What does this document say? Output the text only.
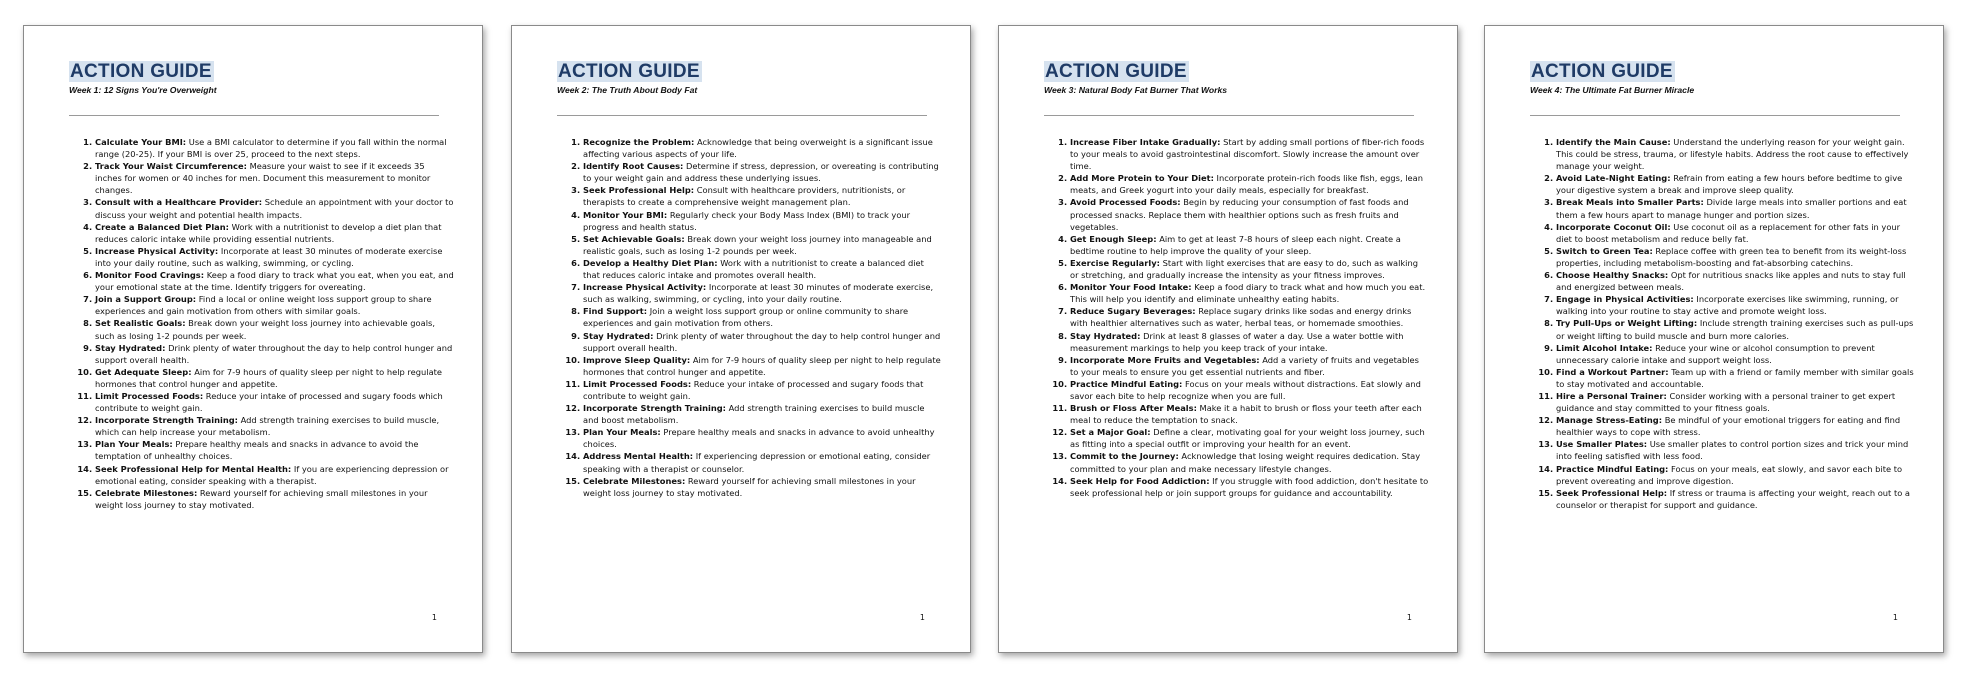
ACTION GUIDE
Week 1: 12 Signs You're Overweight
1. Calculate Your BMI: Use a BMI calculator to determine if you fall within the normal range (20-25). If your BMI is over 25, proceed to the next steps.
2. Track Your Waist Circumference: Measure your waist to see if it exceeds 35 inches for women or 40 inches for men. Document this measurement to monitor changes.
3. Consult with a Healthcare Provider: Schedule an appointment with your doctor to discuss your weight and potential health impacts.
4. Create a Balanced Diet Plan: Work with a nutritionist to develop a diet plan that reduces caloric intake while providing essential nutrients.
5. Increase Physical Activity: Incorporate at least 30 minutes of moderate exercise into your daily routine, such as walking, swimming, or cycling.
6. Monitor Food Cravings: Keep a food diary to track what you eat, when you eat, and your emotional state at the time. Identify triggers for overeating.
7. Join a Support Group: Find a local or online weight loss support group to share experiences and gain motivation from others with similar goals.
8. Set Realistic Goals: Break down your weight loss journey into achievable goals, such as losing 1-2 pounds per week.
9. Stay Hydrated: Drink plenty of water throughout the day to help control hunger and support overall health.
10. Get Adequate Sleep: Aim for 7-9 hours of quality sleep per night to help regulate hormones that control hunger and appetite.
11. Limit Processed Foods: Reduce your intake of processed and sugary foods which contribute to weight gain.
12. Incorporate Strength Training: Add strength training exercises to build muscle, which can help increase your metabolism.
13. Plan Your Meals: Prepare healthy meals and snacks in advance to avoid the temptation of unhealthy choices.
14. Seek Professional Help for Mental Health: If you are experiencing depression or emotional eating, consider speaking with a therapist.
15. Celebrate Milestones: Reward yourself for achieving small milestones in your weight loss journey to stay motivated.
1
ACTION GUIDE
Week 2: The Truth About Body Fat
1. Recognize the Problem: Acknowledge that being overweight is a significant issue affecting various aspects of your life.
2. Identify Root Causes: Determine if stress, depression, or overeating is contributing to your weight gain and address these underlying issues.
3. Seek Professional Help: Consult with healthcare providers, nutritionists, or therapists to create a comprehensive weight management plan.
4. Monitor Your BMI: Regularly check your Body Mass Index (BMI) to track your progress and health status.
5. Set Achievable Goals: Break down your weight loss journey into manageable and realistic goals, such as losing 1-2 pounds per week.
6. Develop a Healthy Diet Plan: Work with a nutritionist to create a balanced diet that reduces caloric intake and promotes overall health.
7. Increase Physical Activity: Incorporate at least 30 minutes of moderate exercise, such as walking, swimming, or cycling, into your daily routine.
8. Find Support: Join a weight loss support group or online community to share experiences and gain motivation from others.
9. Stay Hydrated: Drink plenty of water throughout the day to help control hunger and support overall health.
10. Improve Sleep Quality: Aim for 7-9 hours of quality sleep per night to help regulate hormones that control hunger and appetite.
11. Limit Processed Foods: Reduce your intake of processed and sugary foods that contribute to weight gain.
12. Incorporate Strength Training: Add strength training exercises to build muscle and boost metabolism.
13. Plan Your Meals: Prepare healthy meals and snacks in advance to avoid unhealthy choices.
14. Address Mental Health: If experiencing depression or emotional eating, consider speaking with a therapist or counselor.
15. Celebrate Milestones: Reward yourself for achieving small milestones in your weight loss journey to stay motivated.
1
ACTION GUIDE
Week 3: Natural Body Fat Burner That Works
1. Increase Fiber Intake Gradually: Start by adding small portions of fiber-rich foods to your meals to avoid gastrointestinal discomfort. Slowly increase the amount over time.
2. Add More Protein to Your Diet: Incorporate protein-rich foods like fish, eggs, lean meats, and Greek yogurt into your daily meals, especially for breakfast.
3. Avoid Processed Foods: Begin by reducing your consumption of fast foods and processed snacks. Replace them with healthier options such as fresh fruits and vegetables.
4. Get Enough Sleep: Aim to get at least 7-8 hours of sleep each night. Create a bedtime routine to help improve the quality of your sleep.
5. Exercise Regularly: Start with light exercises that are easy to do, such as walking or stretching, and gradually increase the intensity as your fitness improves.
6. Monitor Your Food Intake: Keep a food diary to track what and how much you eat. This will help you identify and eliminate unhealthy eating habits.
7. Reduce Sugary Beverages: Replace sugary drinks like sodas and energy drinks with healthier alternatives such as water, herbal teas, or homemade smoothies.
8. Stay Hydrated: Drink at least 8 glasses of water a day. Use a water bottle with measurement markings to help you keep track of your intake.
9. Incorporate More Fruits and Vegetables: Add a variety of fruits and vegetables to your meals to ensure you get essential nutrients and fiber.
10. Practice Mindful Eating: Focus on your meals without distractions. Eat slowly and savor each bite to help recognize when you are full.
11. Brush or Floss After Meals: Make it a habit to brush or floss your teeth after each meal to reduce the temptation to snack.
12. Set a Major Goal: Define a clear, motivating goal for your weight loss journey, such as fitting into a special outfit or improving your health for an event.
13. Commit to the Journey: Acknowledge that losing weight requires dedication. Stay committed to your plan and make necessary lifestyle changes.
14. Seek Help for Food Addiction: If you struggle with food addiction, don't hesitate to seek professional help or join support groups for guidance and accountability.
1
ACTION GUIDE
Week 4: The Ultimate Fat Burner Miracle
1. Identify the Main Cause: Understand the underlying reason for your weight gain. This could be stress, trauma, or lifestyle habits. Address the root cause to effectively manage your weight.
2. Avoid Late-Night Eating: Refrain from eating a few hours before bedtime to give your digestive system a break and improve sleep quality.
3. Break Meals into Smaller Parts: Divide large meals into smaller portions and eat them a few hours apart to manage hunger and portion sizes.
4. Incorporate Coconut Oil: Use coconut oil as a replacement for other fats in your diet to boost metabolism and reduce belly fat.
5. Switch to Green Tea: Replace coffee with green tea to benefit from its weight-loss properties, including metabolism-boosting and fat-absorbing catechins.
6. Choose Healthy Snacks: Opt for nutritious snacks like apples and nuts to stay full and energized between meals.
7. Engage in Physical Activities: Incorporate exercises like swimming, running, or walking into your routine to stay active and promote weight loss.
8. Try Pull-Ups or Weight Lifting: Include strength training exercises such as pull-ups or weight lifting to build muscle and burn more calories.
9. Limit Alcohol Intake: Reduce your wine or alcohol consumption to prevent unnecessary calorie intake and support weight loss.
10. Find a Workout Partner: Team up with a friend or family member with similar goals to stay motivated and accountable.
11. Hire a Personal Trainer: Consider working with a personal trainer to get expert guidance and stay committed to your fitness goals.
12. Manage Stress-Eating: Be mindful of your emotional triggers for eating and find healthier ways to cope with stress.
13. Use Smaller Plates: Use smaller plates to control portion sizes and trick your mind into feeling satisfied with less food.
14. Practice Mindful Eating: Focus on your meals, eat slowly, and savor each bite to prevent overeating and improve digestion.
15. Seek Professional Help: If stress or trauma is affecting your weight, reach out to a counselor or therapist for support and guidance.
1
